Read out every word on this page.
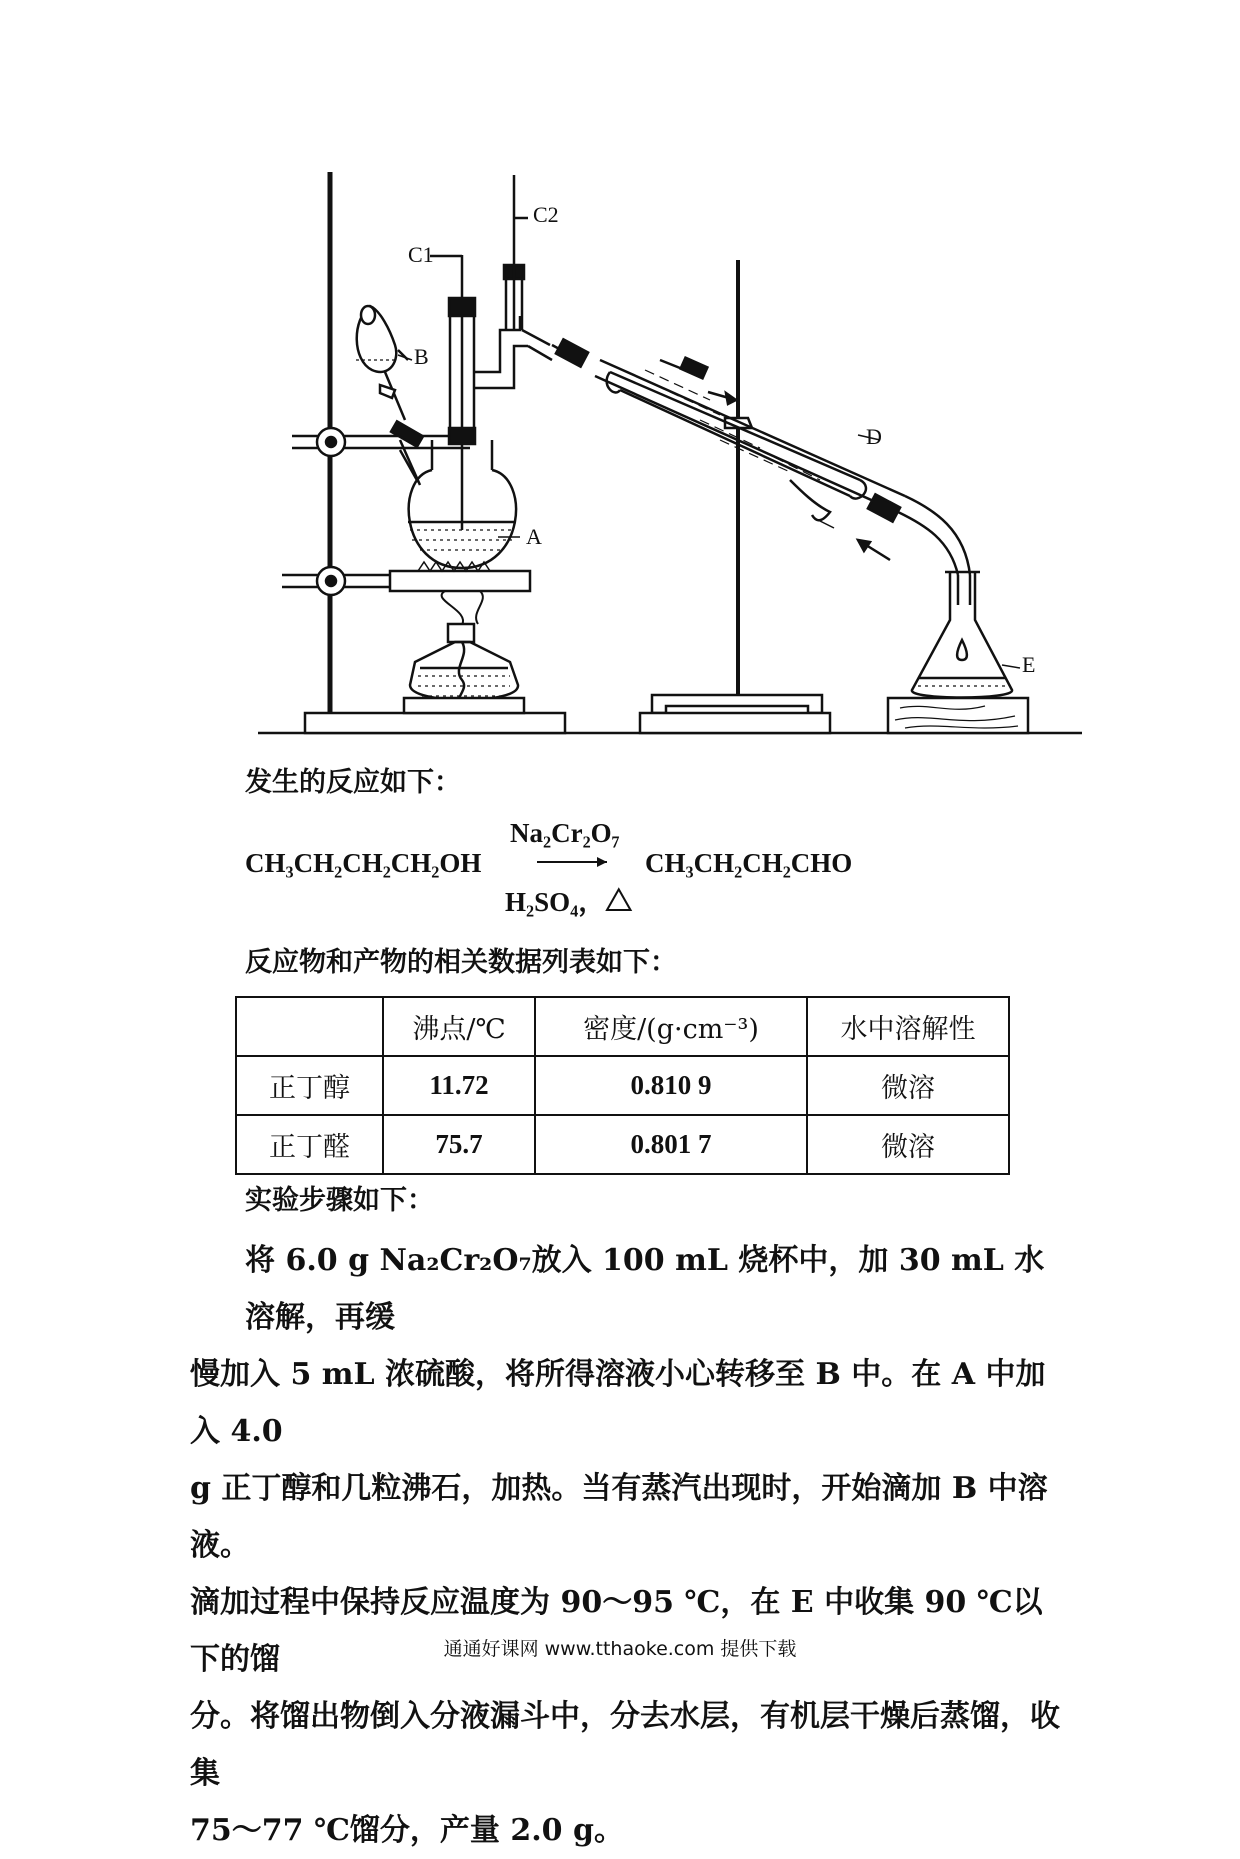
C1
C2
B
A
D
E
发生的反应如下：
Na₂Cr₂O₇
CH₃CH₂CH₂CH₂OH	CH₃CH₂CH₂CHO
H₂SO₄，△
反应物和产物的相关数据列表如下：
	沸点/℃	密度/(g·cm⁻³)	水中溶解性
正丁醇	11.72	0.810 9	微溶
正丁醛	75.7	0.801 7	微溶
实验步骤如下：
将 6.0 g Na₂Cr₂O₇放入 100 mL 烧杯中，加 30 mL 水溶解，再缓
慢加入 5 mL 浓硫酸，将所得溶液小心转移至 B 中。在 A 中加入 4.0
g 正丁醇和几粒沸石，加热。当有蒸汽出现时，开始滴加 B 中溶液。
滴加过程中保持反应温度为 90～95 ℃，在 E 中收集 90 ℃以下的馏
分。将馏出物倒入分液漏斗中，分去水层，有机层干燥后蒸馏，收集
75～77 ℃馏分，产量 2.0 g。
通通好课网 www.tthaoke.com 提供下载
